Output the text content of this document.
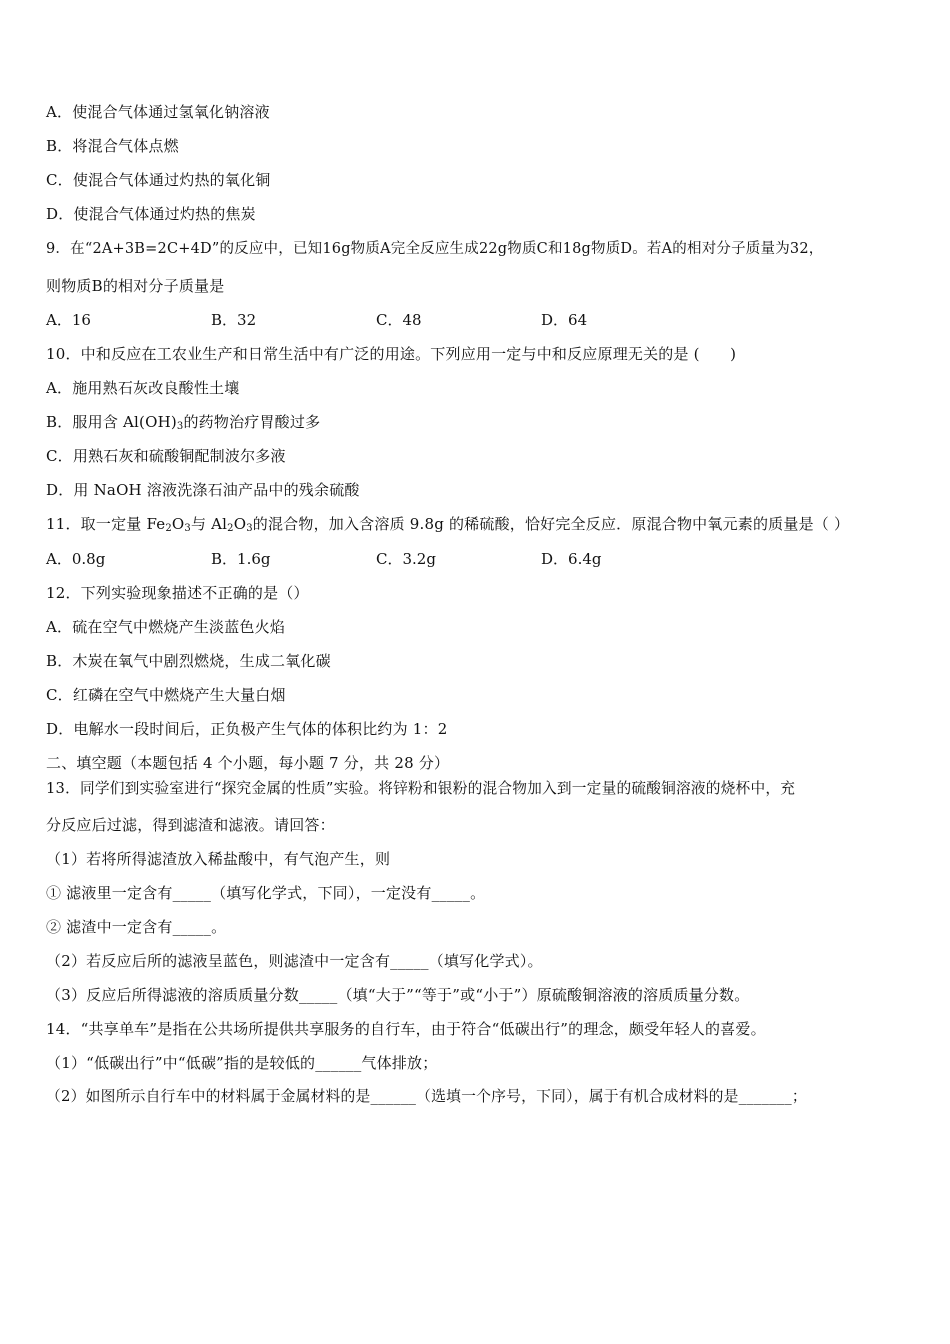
A．使混合气体通过氢氧化钠溶液
B．将混合气体点燃
C．使混合气体通过灼热的氧化铜
D．使混合气体通过灼热的焦炭
9．在“2A+3B=2C+4D”的反应中，已知16g物质A完全反应生成22g物质C和18g物质D。若A的相对分子质量为32，
则物质B的相对分子质量是
A．16	B．32	C．48	D．64
10．中和反应在工农业生产和日常生活中有广泛的用途。下列应用一定与中和反应原理无关的是 (　　)
A．施用熟石灰改良酸性土壤
B．服用含 $Al(OH)_3$的药物治疗胃酸过多
C．用熟石灰和硫酸铜配制波尔多液
D．用 NaOH 溶液洗涤石油产品中的残余硫酸
11．取一定量 $Fe_2O_3$与 $Al_2O_3$的混合物，加入含溶质 9.8g 的稀硫酸，恰好完全反应．原混合物中氧元素的质量是（ ）
A．0.8g	B．1.6g	C．3.2g	D．6.4g
12．下列实验现象描述不正确的是（）
A．硫在空气中燃烧产生淡蓝色火焰
B．木炭在氧气中剧烈燃烧，生成二氧化碳
C．红磷在空气中燃烧产生大量白烟
D．电解水一段时间后，正负极产生气体的体积比约为 1：2
二、填空题（本题包括 4 个小题，每小题 7 分，共 28 分）
13．同学们到实验室进行“探究金属的性质”实验。将锌粉和银粉的混合物加入到一定量的硫酸铜溶液的烧杯中，充
分反应后过滤，得到滤渣和滤液。请回答：
（1）若将所得滤渣放入稀盐酸中，有气泡产生，则
① 滤液里一定含有_____（填写化学式，下同），一定没有_____。
② 滤渣中一定含有_____。
（2）若反应后所的滤液呈蓝色，则滤渣中一定含有_____（填写化学式）。
（3）反应后所得滤液的溶质质量分数_____（填“大于”“等于”或“小于”）原硫酸铜溶液的溶质质量分数。
14．“共享单车”是指在公共场所提供共享服务的自行车，由于符合“低碳出行”的理念，颇受年轻人的喜爱。
（1）“低碳出行”中“低碳”指的是较低的______气体排放；
（2）如图所示自行车中的材料属于金属材料的是______（选填一个序号，下同），属于有机合成材料的是_______；
